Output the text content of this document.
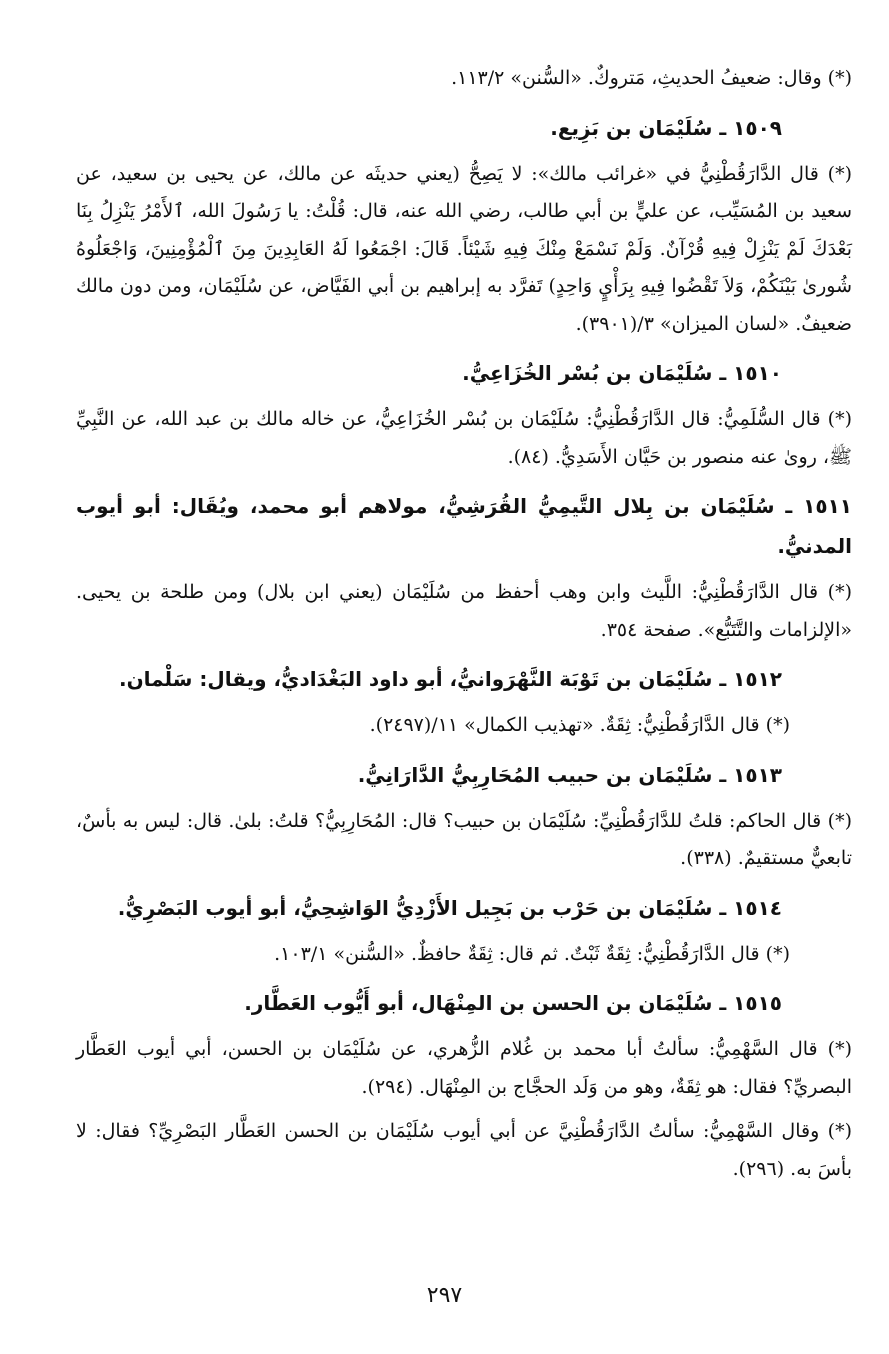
(*) وقال: ضعيفُ الحديثِ، مَتروكٌ. «السُّنن» ١١٣/٢.

١٥٠٩ ـ سُلَيْمَان بن بَزِيع.

(*) قال الدَّارَقُطْنِيُّ في «غرائب مالك»: لا يَصِحُّ (يعني حديثَه عن مالك، عن يحيى بن سعيد، عن سعيد بن المُسَيِّب، عن عليٍّ بن أبي طالب، رضي الله عنه، قال: قُلْتُ: يا رَسُولَ الله، ٱلأَمْرُ يَنْزِلُ بِنَا بَعْدَكَ لَمْ يَنْزِلْ فِيهِ قُرْآنٌ. وَلَمْ نَسْمَعْ مِنْكَ فِيهِ شَيْئاً. قَالَ: اجْمَعُوا لَهُ العَابِدِينَ مِنَ ٱلْمُؤْمِنِينَ، وَاجْعَلُوهُ شُورىٰ بَيْنَكُمْ، وَلاَ تَقْضُوا فِيهِ بِرَأْيٍ وَاحِدٍ) تَفرَّد به إبراهيم بن أبي الفَيَّاض، عن سُلَيْمَان، ومن دون مالك ضعيفٌ. «لسان الميزان» ٣/(٣٩٠١).

١٥١٠ ـ سُلَيْمَان بن بُسْر الخُزَاعِيُّ.

(*) قال السُّلَمِيُّ: قال الدَّارَقُطْنِيُّ: سُلَيْمَان بن بُسْر الخُزَاعِيُّ، عن خاله مالك بن عبد الله، عن النَّبِيِّ ﷺ، روىٰ عنه منصور بن حَيَّان الأَسَدِيُّ. (٨٤).

١٥١١ ـ سُلَيْمَان بن بِلال التَّيمِيُّ القُرَشِيُّ، مولاهم أبو محمد، ويُقَال: أبو أيوب المدنيُّ.

(*) قال الدَّارَقُطْنِيُّ: اللَّيث وابن وهب أحفظ من سُلَيْمَان (يعني ابن بلال) ومن طلحة بن يحيى. «الإلزامات والتَّتَبُّع». صفحة ٣٥٤.

١٥١٢ ـ سُلَيْمَان بن تَوْبَة النَّهْرَوانيُّ، أبو داود البَغْدَاديُّ، ويقال: سَلْمان.

(*) قال الدَّارَقُطْنِيُّ: ثِقَةٌ. «تهذيب الكمال» ١١/(٢٤٩٧).

١٥١٣ ـ سُلَيْمَان بن حبيب المُحَارِبِيُّ الدَّارَانِيُّ.

(*) قال الحاكم: قلتُ للدَّارَقُطْنِيِّ: سُلَيْمَان بن حبيب؟ قال: المُحَارِبِيُّ؟ قلتُ: بلىٰ. قال: ليس به بأسٌ، تابعيٌّ مستقيمٌ. (٣٣٨).

١٥١٤ ـ سُلَيْمَان بن حَرْب بن بَجِيل الأَزْدِيُّ الوَاشِحِيُّ، أبو أيوب البَصْرِيُّ.

(*) قال الدَّارَقُطْنِيُّ: ثِقَةٌ ثَبْتٌ. ثم قال: ثِقَةٌ حافظٌ. «السُّنن» ١٠٣/١.

١٥١٥ ـ سُلَيْمَان بن الحسن بن المِنْهَال، أبو أَيُّوب العَطَّار.

(*) قال السَّهْمِيُّ: سألتُ أبا محمد بن غُلام الزُّهري، عن سُلَيْمَان بن الحسن، أبي أيوب العَطَّار البصريِّ؟ فقال: هو ثِقَةٌ، وهو من وَلَد الحجَّاج بن المِنْهَال. (٢٩٤).

(*) وقال السَّهْمِيُّ: سألتُ الدَّارَقُطْنِيَّ عن أبي أيوب سُلَيْمَان بن الحسن العَطَّار البَصْرِيِّ؟ فقال: لا بأسَ به. (٢٩٦).

٢٩٧
